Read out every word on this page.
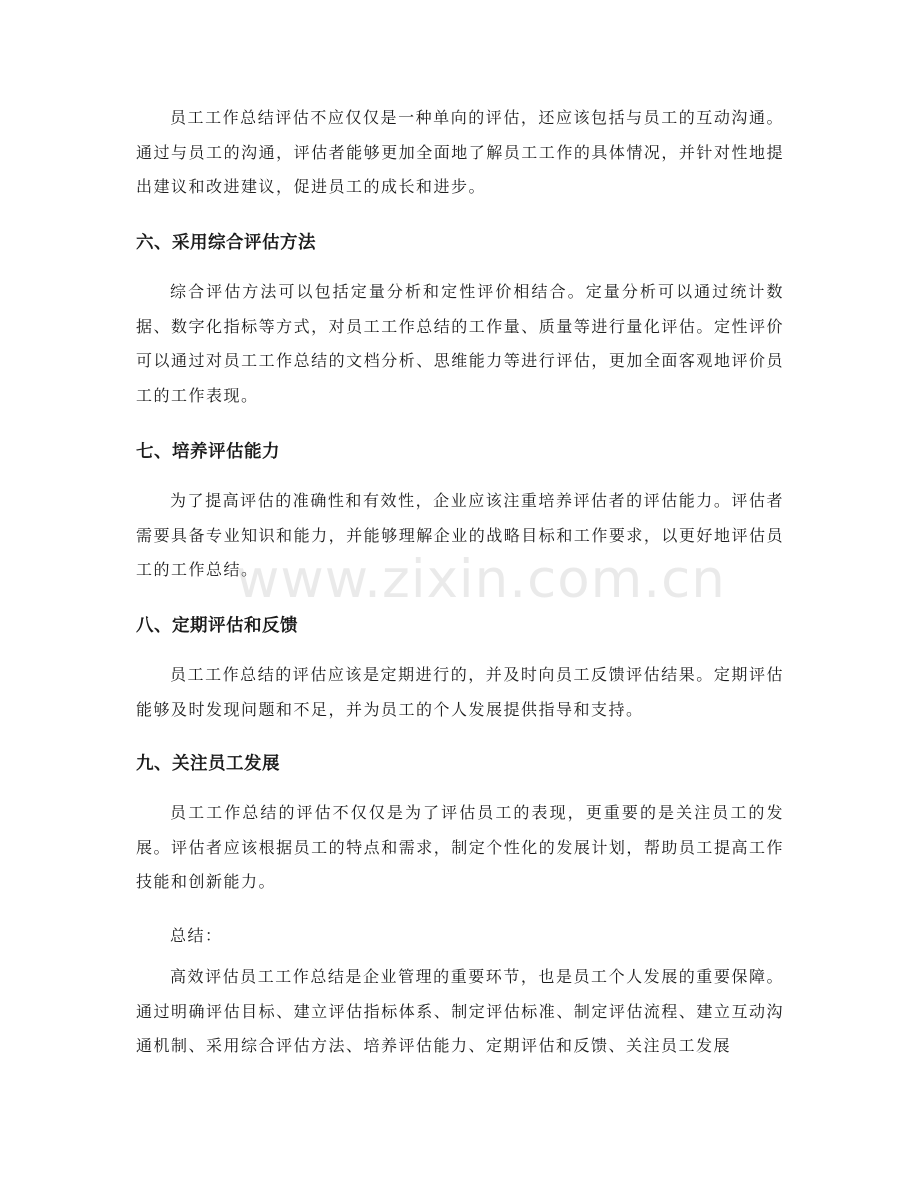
员工工作总结评估不应仅仅是一种单向的评估，还应该包括与员工的互动沟通。通过与员工的沟通，评估者能够更加全面地了解员工工作的具体情况，并针对性地提出建议和改进建议，促进员工的成长和进步。

六、采用综合评估方法

综合评估方法可以包括定量分析和定性评价相结合。定量分析可以通过统计数据、数字化指标等方式，对员工工作总结的工作量、质量等进行量化评估。定性评价可以通过对员工工作总结的文档分析、思维能力等进行评估，更加全面客观地评价员工的工作表现。

七、培养评估能力

为了提高评估的准确性和有效性，企业应该注重培养评估者的评估能力。评估者需要具备专业知识和能力，并能够理解企业的战略目标和工作要求，以更好地评估员工的工作总结。

八、定期评估和反馈

员工工作总结的评估应该是定期进行的，并及时向员工反馈评估结果。定期评估能够及时发现问题和不足，并为员工的个人发展提供指导和支持。

九、关注员工发展

员工工作总结的评估不仅仅是为了评估员工的表现，更重要的是关注员工的发展。评估者应该根据员工的特点和需求，制定个性化的发展计划，帮助员工提高工作技能和创新能力。

总结：

高效评估员工工作总结是企业管理的重要环节，也是员工个人发展的重要保障。通过明确评估目标、建立评估指标体系、制定评估标准、制定评估流程、建立互动沟通机制、采用综合评估方法、培养评估能力、定期评估和反馈、关注员工发展

www.zixin.com.cn
